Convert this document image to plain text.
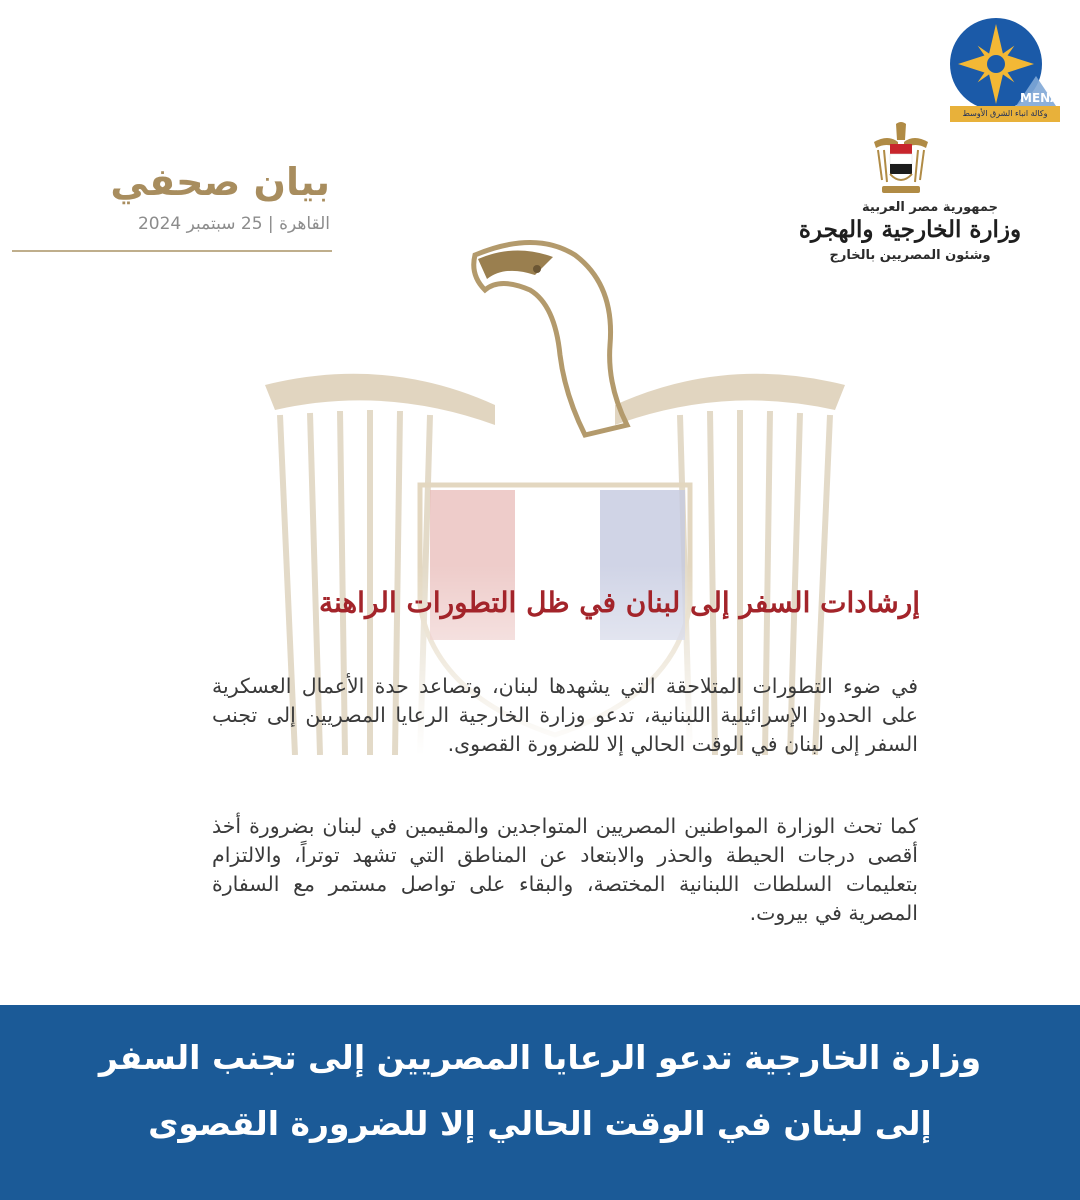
بيان صحفي
القاهرة | 25 سبتمبر 2024
جمهورية مصر العربية
وزارة الخارجية والهجرة
وشئون المصريين بالخارج
MENA
وكالة انباء الشرق الأوسط
إرشادات السفر إلى لبنان في ظل التطورات الراهنة
في ضوء التطورات المتلاحقة التي يشهدها لبنان، وتصاعد حدة الأعمال العسكرية على الحدود الإسرائيلية اللبنانية، تدعو وزارة الخارجية الرعايا المصريين إلى تجنب السفر إلى لبنان في الوقت الحالي إلا للضرورة القصوى.
كما تحث الوزارة المواطنين المصريين المتواجدين والمقيمين في لبنان بضرورة أخذ أقصى درجات الحيطة والحذر والابتعاد عن المناطق التي تشهد توتراً، والالتزام بتعليمات السلطات اللبنانية المختصة، والبقاء على تواصل مستمر مع السفارة المصرية في بيروت.
وزارة الخارجية تدعو الرعايا المصريين إلى تجنب السفر
إلى لبنان في الوقت الحالي إلا للضرورة القصوى
